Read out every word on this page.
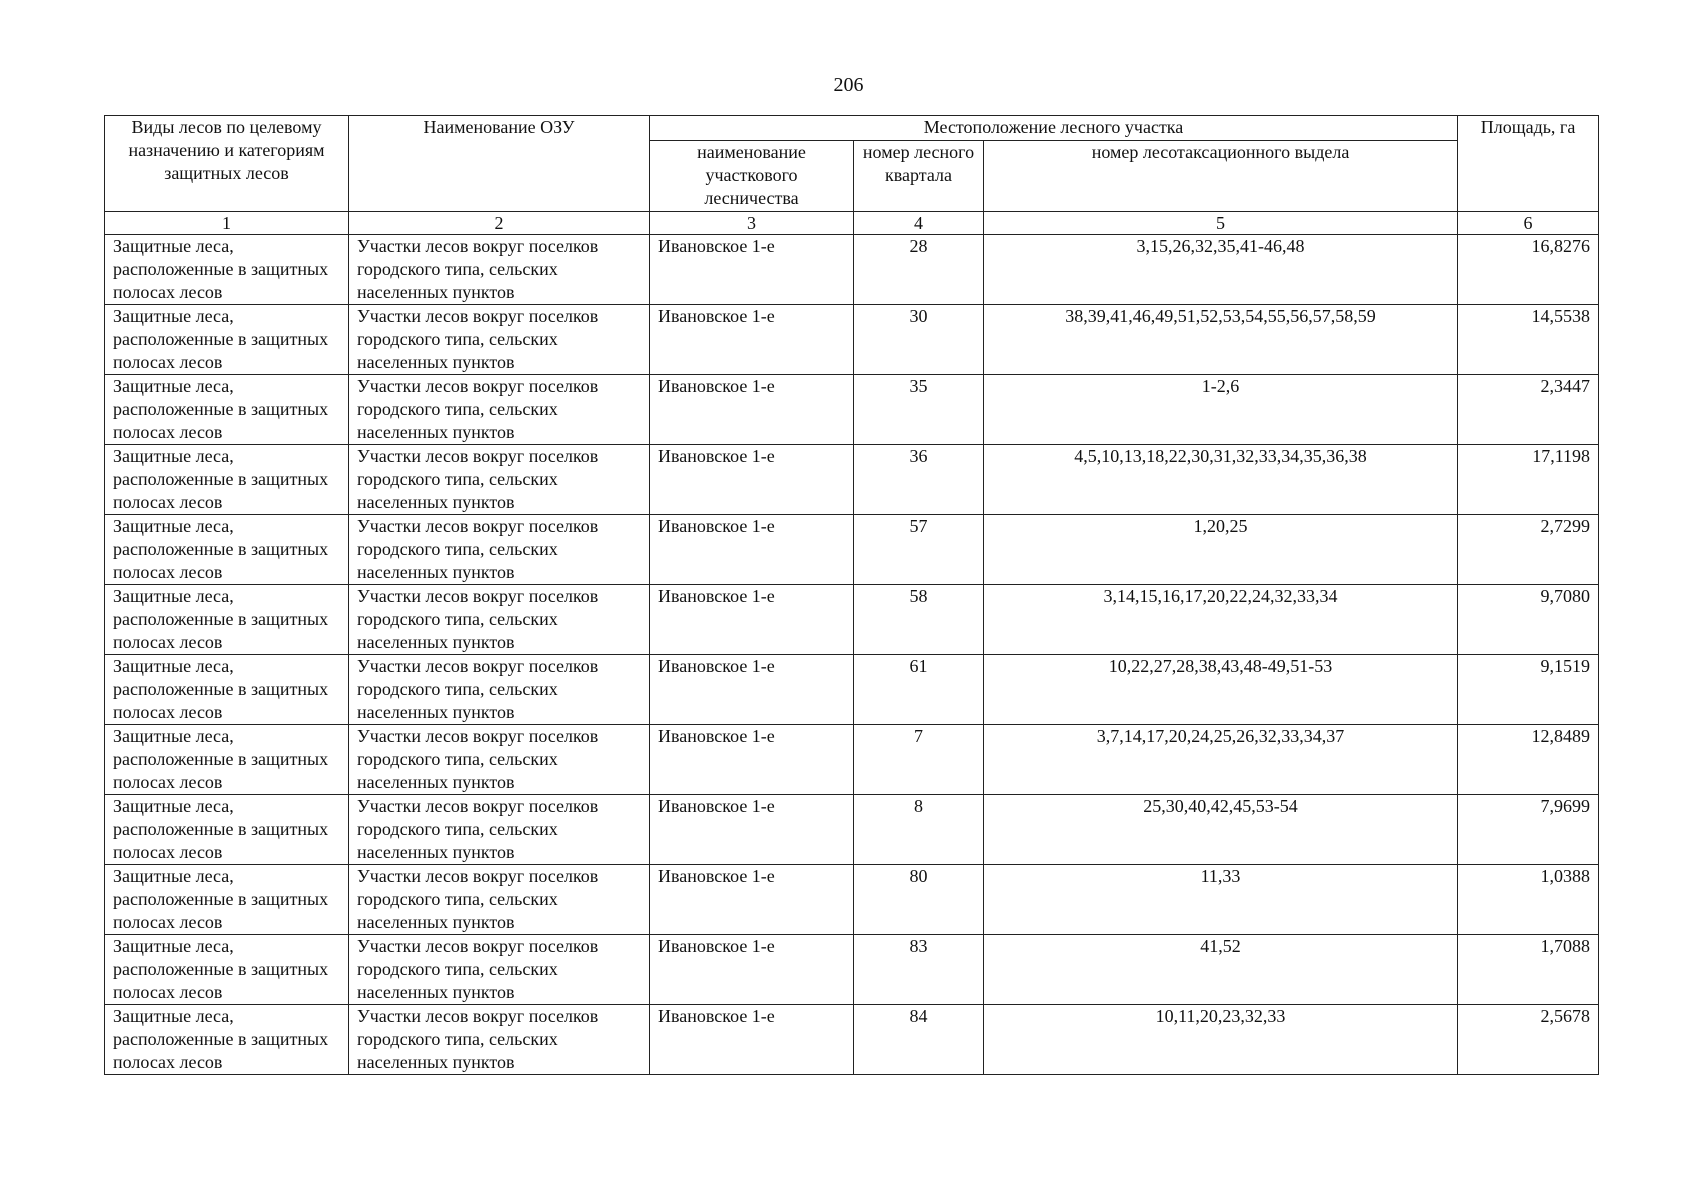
206
Виды лесов по целевому назначению и категориям защитных лесов	Наименование ОЗУ	Местоположение лесного участка			Площадь, га
		наименование участкового лесничества	номер лесного квартала	номер лесотаксационного выдела	
1	2	3	4	5	6
Защитные леса, расположенные в защитных полосах лесов	Участки лесов вокруг поселков городского типа, сельских населенных пунктов	Ивановское 1-е	28	3,15,26,32,35,41-46,48	16,8276
Защитные леса, расположенные в защитных полосах лесов	Участки лесов вокруг поселков городского типа, сельских населенных пунктов	Ивановское 1-е	30	38,39,41,46,49,51,52,53,54,55,56,57,58,59	14,5538
Защитные леса, расположенные в защитных полосах лесов	Участки лесов вокруг поселков городского типа, сельских населенных пунктов	Ивановское 1-е	35	1-2,6	2,3447
Защитные леса, расположенные в защитных полосах лесов	Участки лесов вокруг поселков городского типа, сельских населенных пунктов	Ивановское 1-е	36	4,5,10,13,18,22,30,31,32,33,34,35,36,38	17,1198
Защитные леса, расположенные в защитных полосах лесов	Участки лесов вокруг поселков городского типа, сельских населенных пунктов	Ивановское 1-е	57	1,20,25	2,7299
Защитные леса, расположенные в защитных полосах лесов	Участки лесов вокруг поселков городского типа, сельских населенных пунктов	Ивановское 1-е	58	3,14,15,16,17,20,22,24,32,33,34	9,7080
Защитные леса, расположенные в защитных полосах лесов	Участки лесов вокруг поселков городского типа, сельских населенных пунктов	Ивановское 1-е	61	10,22,27,28,38,43,48-49,51-53	9,1519
Защитные леса, расположенные в защитных полосах лесов	Участки лесов вокруг поселков городского типа, сельских населенных пунктов	Ивановское 1-е	7	3,7,14,17,20,24,25,26,32,33,34,37	12,8489
Защитные леса, расположенные в защитных полосах лесов	Участки лесов вокруг поселков городского типа, сельских населенных пунктов	Ивановское 1-е	8	25,30,40,42,45,53-54	7,9699
Защитные леса, расположенные в защитных полосах лесов	Участки лесов вокруг поселков городского типа, сельских населенных пунктов	Ивановское 1-е	80	11,33	1,0388
Защитные леса, расположенные в защитных полосах лесов	Участки лесов вокруг поселков городского типа, сельских населенных пунктов	Ивановское 1-е	83	41,52	1,7088
Защитные леса, расположенные в защитных полосах лесов	Участки лесов вокруг поселков городского типа, сельских населенных пунктов	Ивановское 1-е	84	10,11,20,23,32,33	2,5678
